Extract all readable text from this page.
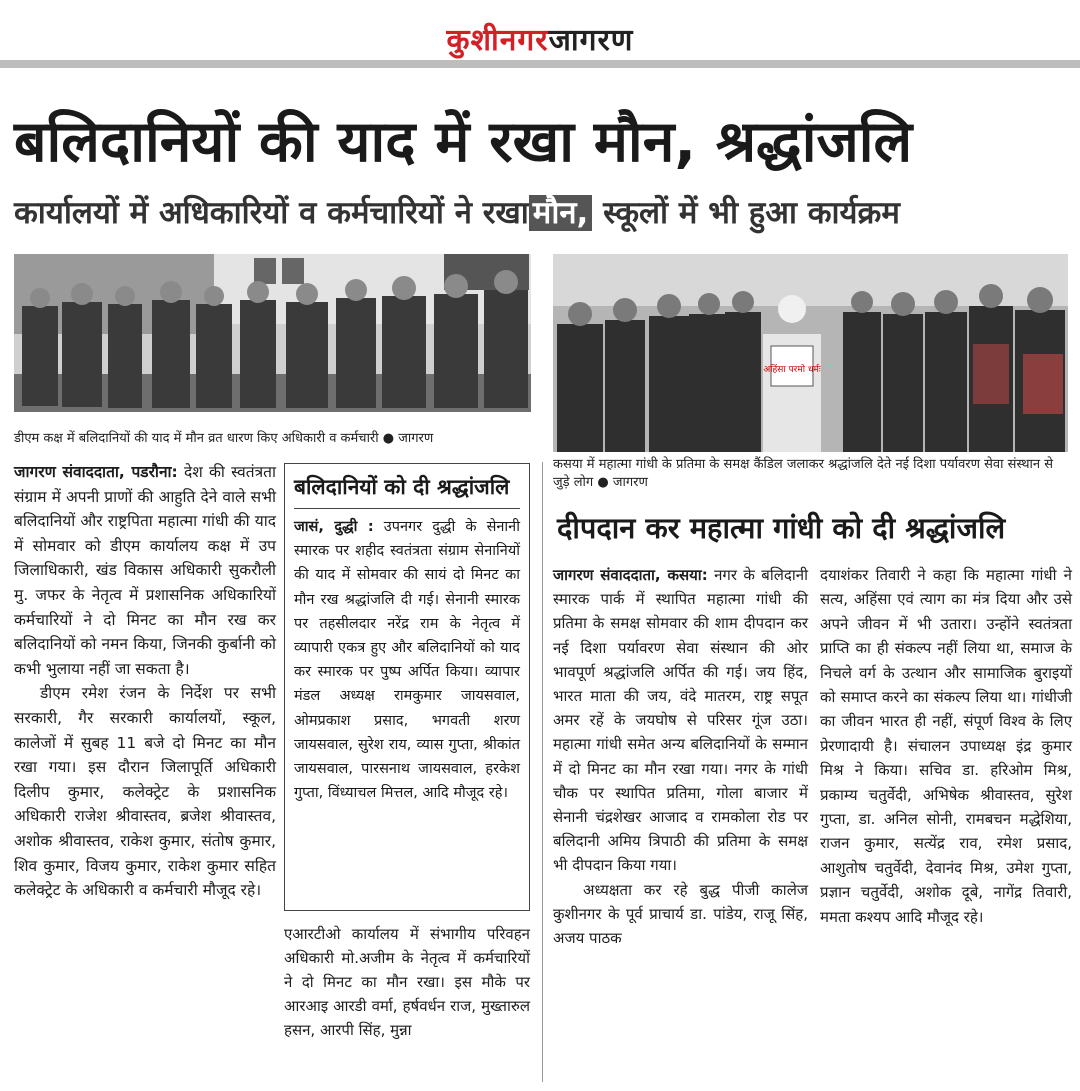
कुशीनगरजागरण
बलिदानियों की याद में रखा मौन, श्रद्धांजलि
कार्यालयों में अधिकारियों व कर्मचारियों ने रखा मौन, स्कूलों में भी हुआ कार्यक्रम
डीएम कक्ष में बलिदानियों की याद में मौन व्रत धारण किए अधिकारी व कर्मचारी ● जागरण
अहिंसा परमो धर्मः
कसया में महात्मा गांधी के प्रतिमा के समक्ष कैंडिल जलाकर श्रद्धांजलि देते नई दिशा पर्यावरण सेवा संस्थान से जुड़े लोग ● जागरण
जागरण संवाददाता, पडरौना: देश की स्वतंत्रता संग्राम में अपनी प्राणों की आहुति देने वाले सभी बलिदानियों और राष्ट्रपिता महात्मा गांधी की याद में सोमवार को डीएम कार्यालय कक्ष में उप जिलाधिकारी, खंड विकास अधिकारी सुकरौली मु. जफर के नेतृत्व में प्रशासनिक अधिकारियों कर्मचारियों ने दो मिनट का मौन रख कर बलिदानियों को नमन किया, जिनकी कुर्बानी को कभी भुलाया नहीं जा सकता है।
डीएम रमेश रंजन के निर्देश पर सभी सरकारी, गैर सरकारी कार्यालयों, स्कूल, कालेजों में सुबह 11 बजे दो मिनट का मौन रखा गया। इस दौरान जिलापूर्ति अधिकारी दिलीप कुमार, कलेक्ट्रेट के प्रशासनिक अधिकारी राजेश श्रीवास्तव, ब्रजेश श्रीवास्तव, अशोक श्रीवास्तव, राकेश कुमार, संतोष कुमार, शिव कुमार, विजय कुमार, राकेश कुमार सहित कलेक्ट्रेट के अधिकारी व कर्मचारी मौजूद रहे।
बलिदानियों को दी श्रद्धांजलि
जासं, दुद्धी : उपनगर दुद्धी के सेनानी स्मारक पर शहीद स्वतंत्रता संग्राम सेनानियों की याद में सोमवार की सायं दो मिनट का मौन रख श्रद्धांजलि दी गई। सेनानी स्मारक पर तहसीलदार नरेंद्र राम के नेतृत्व में व्यापारी एकत्र हुए और बलिदानियों को याद कर स्मारक पर पुष्प अर्पित किया। व्यापार मंडल अध्यक्ष रामकुमार जायसवाल, ओमप्रकाश प्रसाद, भगवती शरण जायसवाल, सुरेश राय, व्यास गुप्ता, श्रीकांत जायसवाल, पारसनाथ जायसवाल, हरकेश गुप्ता, विंध्याचल मित्तल, आदि मौजूद रहे।
एआरटीओ कार्यालय में संभागीय परिवहन अधिकारी मो.अजीम के नेतृत्व में कर्मचारियों ने दो मिनट का मौन रखा। इस मौके पर आरआइ आरडी वर्मा, हर्षवर्धन राज, मुख्तारुल हसन, आरपी सिंह, मुन्ना
दीपदान कर महात्मा गांधी को दी श्रद्धांजलि
जागरण संवाददाता, कसया: नगर के बलिदानी स्मारक पार्क में स्थापित महात्मा गांधी की प्रतिमा के समक्ष सोमवार की शाम दीपदान कर नई दिशा पर्यावरण सेवा संस्थान की ओर भावपूर्ण श्रद्धांजलि अर्पित की गई। जय हिंद, भारत माता की जय, वंदे मातरम, राष्ट्र सपूत अमर रहें के जयघोष से परिसर गूंज उठा। महात्मा गांधी समेत अन्य बलिदानियों के सम्मान में दो मिनट का मौन रखा गया। नगर के गांधी चौक पर स्थापित प्रतिमा, गोला बाजार में सेनानी चंद्रशेखर आजाद व रामकोला रोड पर बलिदानी अमिय त्रिपाठी की प्रतिमा के समक्ष भी दीपदान किया गया।
अध्यक्षता कर रहे बुद्ध पीजी कालेज कुशीनगर के पूर्व प्राचार्य डा. पांडेय, राजू सिंह, अजय पाठक
दयाशंकर तिवारी ने कहा कि महात्मा गांधी ने सत्य, अहिंसा एवं त्याग का मंत्र दिया और उसे अपने जीवन में भी उतारा। उन्होंने स्वतंत्रता प्राप्ति का ही संकल्प नहीं लिया था, समाज के निचले वर्ग के उत्थान और सामाजिक बुराइयों को समाप्त करने का संकल्प लिया था। गांधीजी का जीवन भारत ही नहीं, संपूर्ण विश्व के लिए प्रेरणादायी है। संचालन उपाध्यक्ष इंद्र कुमार मिश्र ने किया। सचिव डा. हरिओम मिश्र, प्रकाम्य चतुर्वेदी, अभिषेक श्रीवास्तव, सुरेश गुप्ता, डा. अनिल सोनी, रामबचन मद्धेशिया, राजन कुमार, सत्येंद्र राव, रमेश प्रसाद, आशुतोष चतुर्वेदी, देवानंद मिश्र, उमेश गुप्ता, प्रज्ञान चतुर्वेदी, अशोक दूबे, नागेंद्र तिवारी, ममता कश्यप आदि मौजूद रहे।
